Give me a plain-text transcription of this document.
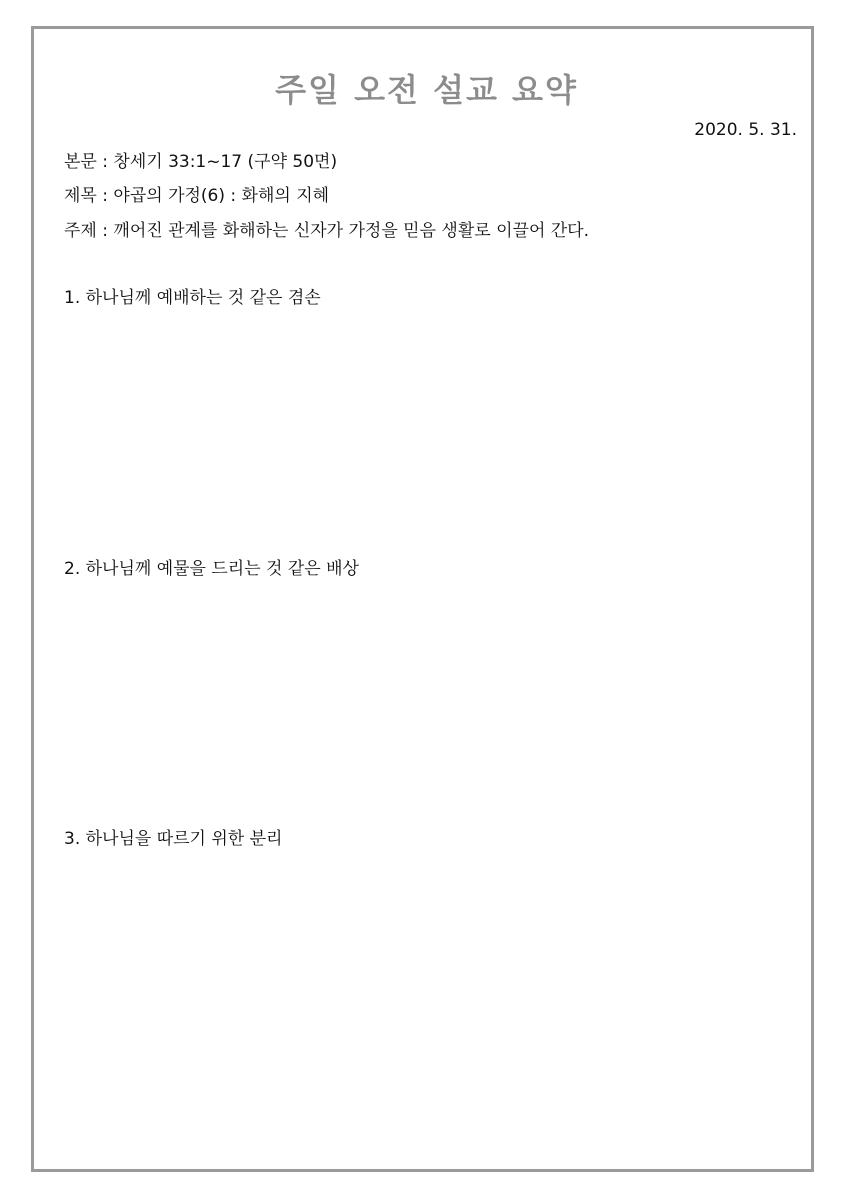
주일 오전 설교 요약
2020. 5. 31.
본문 : 창세기 33:1~17 (구약 50면)
제목 : 야곱의 가정(6) : 화해의 지혜
주제 : 깨어진 관계를 화해하는 신자가 가정을 믿음 생활로 이끌어 간다.
1. 하나님께 예배하는 것 같은 겸손
2. 하나님께 예물을 드리는 것 같은 배상
3. 하나님을 따르기 위한 분리
